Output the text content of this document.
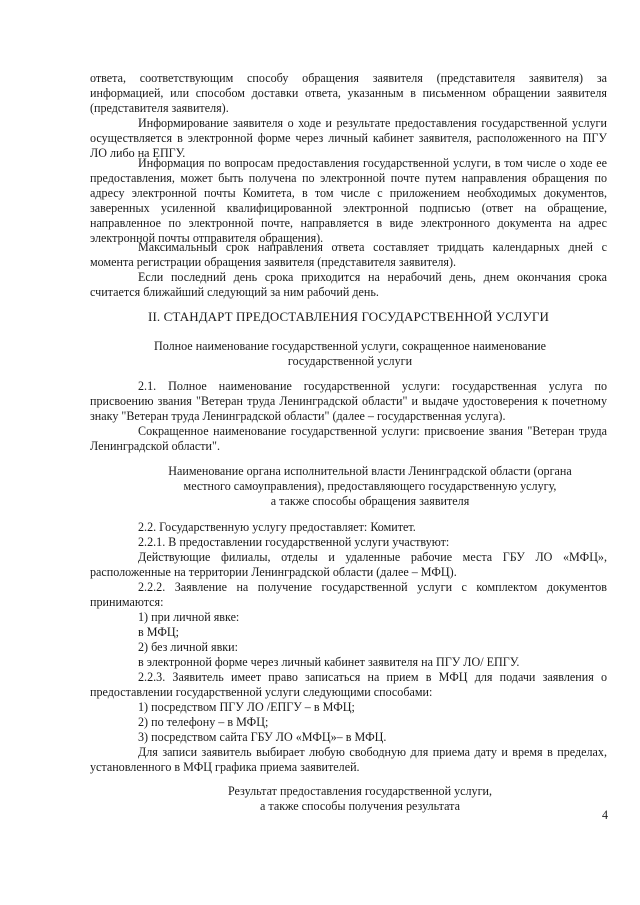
ответа, соответствующим способу обращения заявителя (представителя заявителя) за информацией, или способом доставки ответа, указанным в письменном обращении заявителя (представителя заявителя).

Информирование заявителя о ходе и результате предоставления государственной услуги осуществляется в электронной форме через личный кабинет заявителя, расположенного на ПГУ ЛО либо на ЕПГУ.

Информация по вопросам предоставления государственной услуги, в том числе о ходе ее предоставления, может быть получена по электронной почте путем направления обращения по адресу электронной почты Комитета, в том числе с приложением необходимых документов, заверенных усиленной квалифицированной электронной подписью (ответ на обращение, направленное по электронной почте, направляется в виде электронного документа на адрес электронной почты отправителя обращения).

Максимальный срок направления ответа составляет тридцать календарных дней с момента регистрации обращения заявителя (представителя заявителя).

Если последний день срока приходится на нерабочий день, днем окончания срока считается ближайший следующий за ним рабочий день.

II. СТАНДАРТ ПРЕДОСТАВЛЕНИЯ ГОСУДАРСТВЕННОЙ УСЛУГИ

Полное наименование государственной услуги, сокращенное наименование
государственной услуги

2.1. Полное наименование государственной услуги: государственная услуга по присвоению звания "Ветеран труда Ленинградской области" и выдаче удостоверения к почетному знаку "Ветеран труда Ленинградской области" (далее – государственная услуга).

Сокращенное наименование государственной услуги: присвоение звания "Ветеран труда Ленинградской области".

Наименование органа исполнительной власти Ленинградской области (органа
местного самоуправления), предоставляющего государственную услугу,
а также способы обращения заявителя

2.2. Государственную услугу предоставляет: Комитет.

2.2.1. В предоставлении государственной услуги участвуют:

Действующие филиалы, отделы и удаленные рабочие места ГБУ ЛО «МФЦ», расположенные на территории Ленинградской области (далее – МФЦ).

2.2.2. Заявление на получение государственной услуги с комплектом документов принимаются:

1) при личной явке:

в МФЦ;

2) без личной явки:

в электронной форме через личный кабинет заявителя на ПГУ ЛО/ ЕПГУ.

2.2.3. Заявитель имеет право записаться на прием в МФЦ для подачи заявления о предоставлении государственной услуги следующими способами:

1) посредством ПГУ ЛО /ЕПГУ – в МФЦ;

2) по телефону – в МФЦ;

3) посредством сайта ГБУ ЛО «МФЦ»– в МФЦ.

Для записи заявитель выбирает любую свободную для приема дату и время в пределах, установленного в МФЦ графика приема заявителей.

Результат предоставления государственной услуги,
а также способы получения результата

4
